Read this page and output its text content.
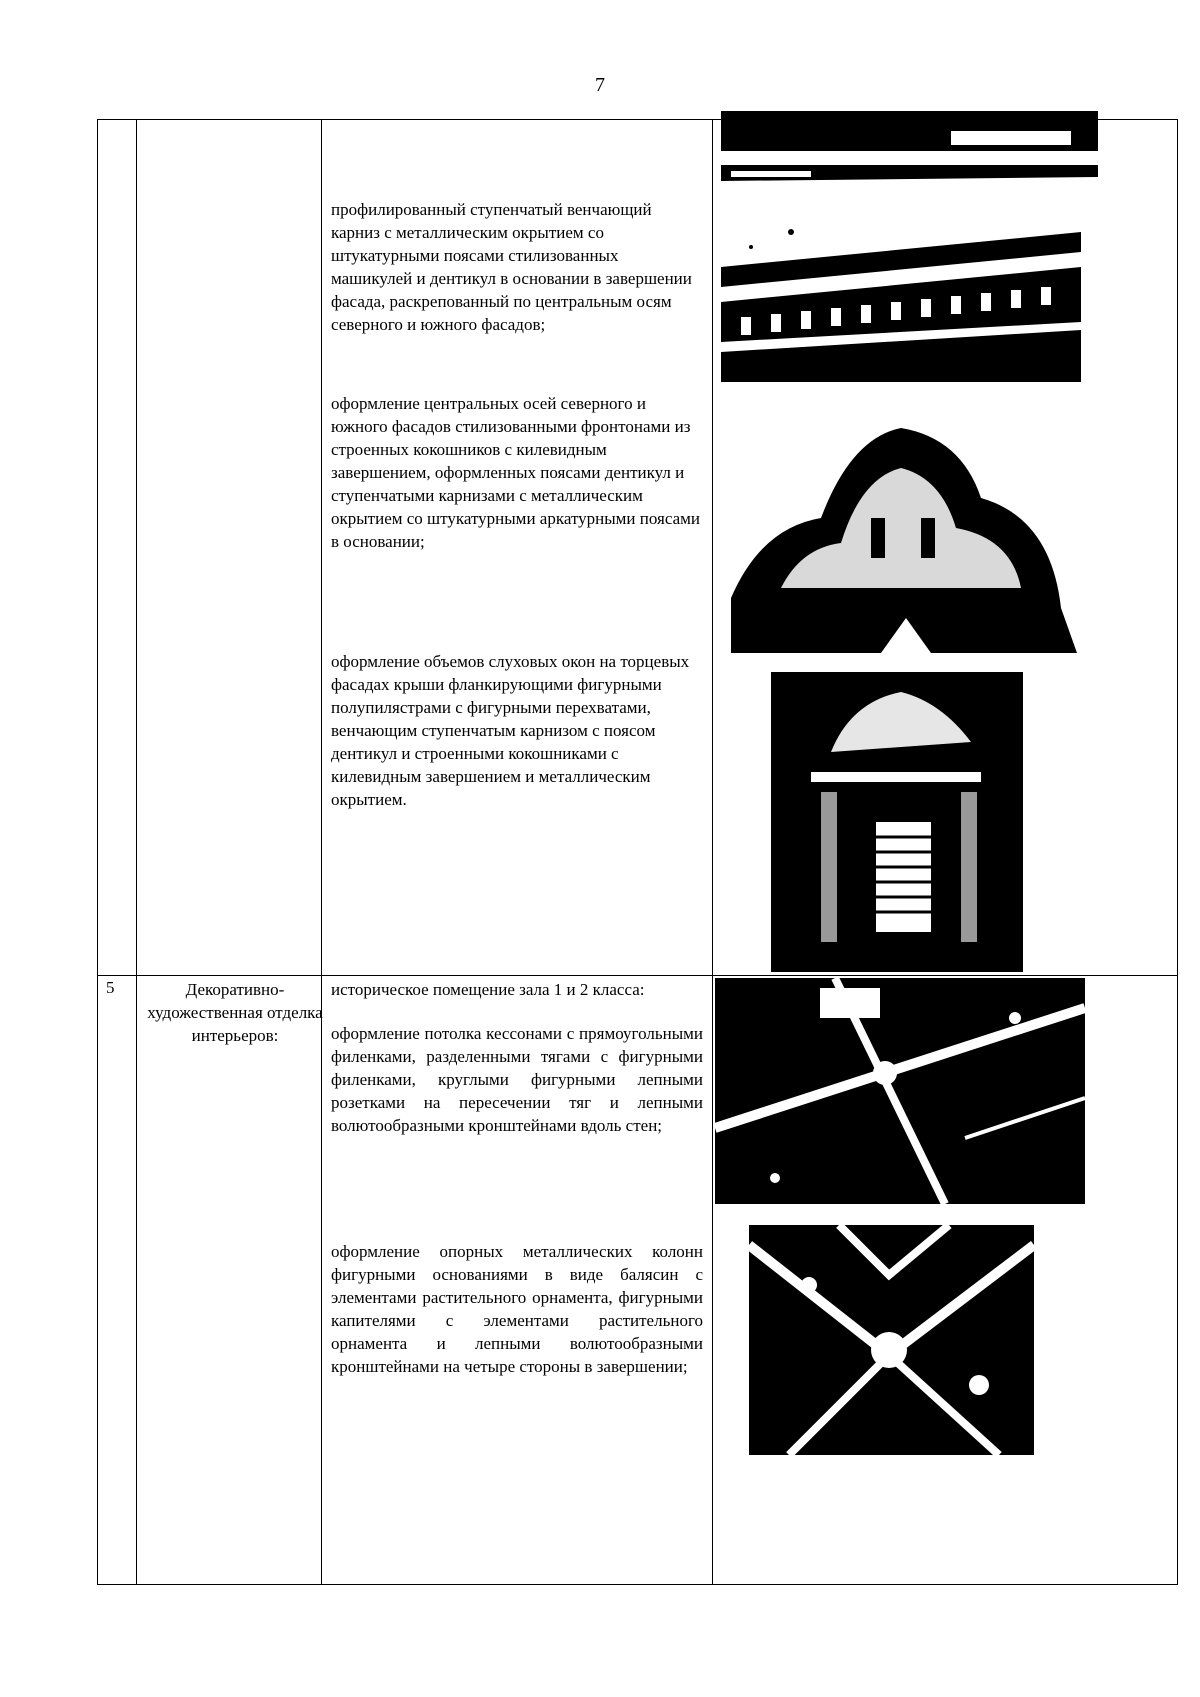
7
профилированный ступенчатый венчающий карниз с металлическим окрытием со штукатурными поясами стилизованных машикулей и дентикул в основании в завершении фасада, раскрепованный по центральным осям северного и южного фасадов;
оформление центральных осей северного и южного фасадов стилизованными фронтонами из строенных кокошников с килевидным завершением, оформленных поясами дентикул и ступенчатыми карнизами с металлическим окрытием со штукатурными аркатурными поясами в основании;
оформление объемов слуховых окон на торцевых фасадах крыши фланкирующими фигурными полупилястрами с фигурными перехватами, венчающим ступенчатым карнизом с поясом дентикул и строенными кокошниками с килевидным завершением и металлическим окрытием.
5	Декоративно-художественная отделка интерьеров:
историческое помещение зала 1 и 2 класса:
оформление потолка кессонами с прямоугольными филенками, разделенными тягами с фигурными филенками, круглыми фигурными лепными розетками на пересечении тяг и лепными волютообразными кронштейнами вдоль стен;
оформление опорных металлических колонн фигурными основаниями в виде балясин с элементами растительного орнамента, фигурными капителями с элементами растительного орнамента и лепными волютообразными кронштейнами на четыре стороны в завершении;
